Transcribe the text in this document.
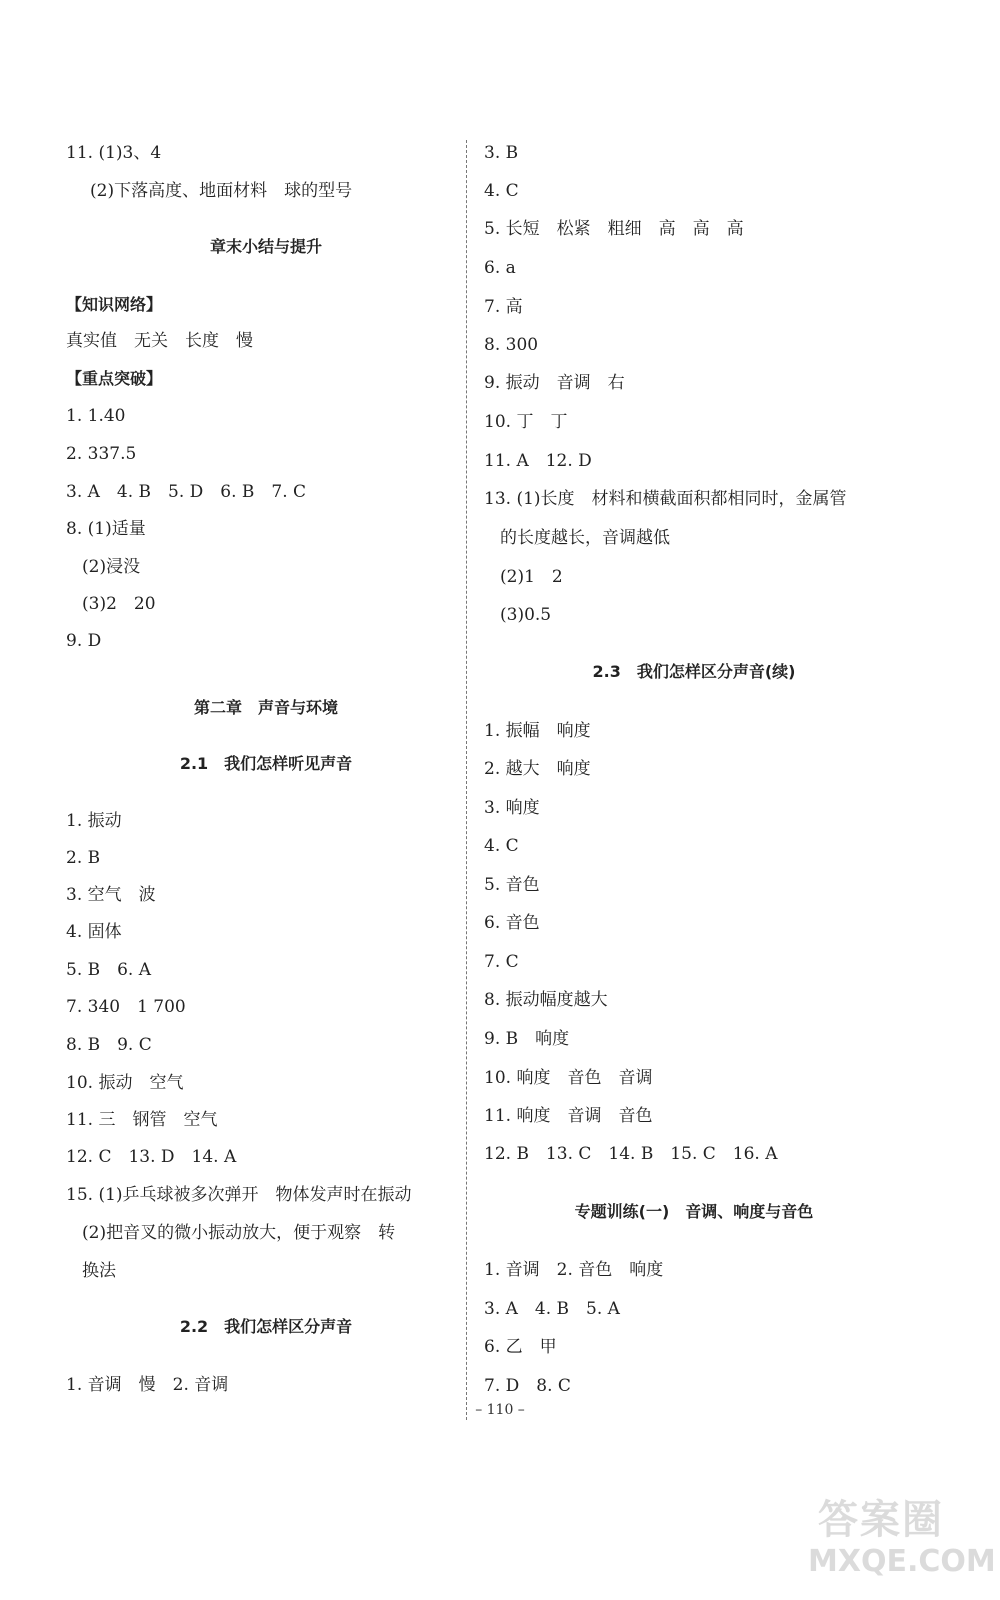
11. (1)3、4
(2)下落高度、地面材料　球的型号
章末小结与提升
【知识网络】
真实值　无关　长度　慢
【重点突破】
1. 1.40
2. 337.5
3. A　4. B　5. D　6. B　7. C
8. (1)适量
(2)浸没
(3)2　20
9. D
第二章　声音与环境
2.1　我们怎样听见声音
1. 振动
2. B
3. 空气　波
4. 固体
5. B　6. A
7. 340　1 700
8. B　9. C
10. 振动　空气
11. 三　钢管　空气
12. C　13. D　14. A
15. (1)乒乓球被多次弹开　物体发声时在振动
(2)把音叉的微小振动放大，便于观察　转
换法
2.2　我们怎样区分声音
1. 音调　慢　2. 音调
3. B
4. C
5. 长短　松紧　粗细　高　高　高
6. a
7. 高
8. 300
9. 振动　音调　右
10. 丁　丁
11. A　12. D
13. (1)长度　材料和横截面积都相同时，金属管
的长度越长，音调越低
(2)1　2
(3)0.5
2.3　我们怎样区分声音(续)
1. 振幅　响度
2. 越大　响度
3. 响度
4. C
5. 音色
6. 音色
7. C
8. 振动幅度越大
9. B　响度
10. 响度　音色　音调
11. 响度　音调　音色
12. B　13. C　14. B　15. C　16. A
专题训练(一)　音调、响度与音色
1. 音调　2. 音色　响度
3. A　4. B　5. A
6. 乙　甲
7. D　8. C
– 110 –
答案圈
MXQE.COM
